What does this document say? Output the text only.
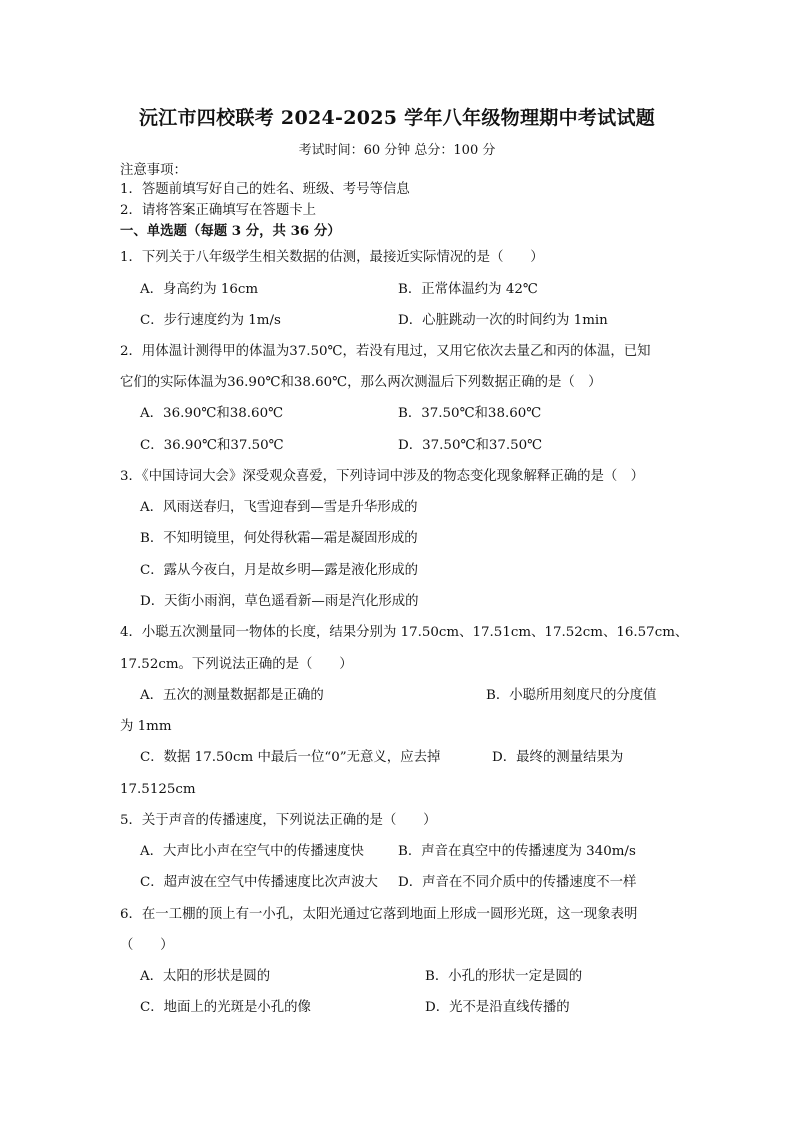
沅江市四校联考 2024-2025 学年八年级物理期中考试试题
考试时间：60 分钟 总分：100 分
注意事项：
1．答题前填写好自己的姓名、班级、考号等信息
2．请将答案正确填写在答题卡上
一、单选题（每题 3 分，共 36 分）
1．下列关于八年级学生相关数据的估测，最接近实际情况的是（　　）
A．身高约为 16cm	B．正常体温约为 42℃
C．步行速度约为 1m/s	D．心脏跳动一次的时间约为 1min
2．用体温计测得甲的体温为37.50℃，若没有甩过，又用它依次去量乙和丙的体温，已知
它们的实际体温为36.90℃和38.60℃，那么两次测温后下列数据正确的是（　）
A．36.90℃和38.60℃	B．37.50℃和38.60℃
C．36.90℃和37.50℃	D．37.50℃和37.50℃
3．《中国诗词大会》深受观众喜爱，下列诗词中涉及的物态变化现象解释正确的是（　）
A．风雨送春归，飞雪迎春到—雪是升华形成的
B．不知明镜里，何处得秋霜—霜是凝固形成的
C．露从今夜白，月是故乡明—露是液化形成的
D．天街小雨润，草色遥看新—雨是汽化形成的
4．小聪五次测量同一物体的长度，结果分别为 17.50cm、17.51cm、17.52cm、16.57cm、
17.52cm。下列说法正确的是（　　）
A．五次的测量数据都是正确的	B．小聪所用刻度尺的分度值
为 1mm
C．数据 17.50cm 中最后一位“0”无意义，应去掉	D．最终的测量结果为
17.5125cm
5．关于声音的传播速度，下列说法正确的是（　　）
A．大声比小声在空气中的传播速度快	B．声音在真空中的传播速度为 340m/s
C．超声波在空气中传播速度比次声波大 D．声音在不同介质中的传播速度不一样
6．在一工棚的顶上有一小孔，太阳光通过它落到地面上形成一圆形光斑，这一现象表明
（　　）
A．太阳的形状是圆的	B．小孔的形状一定是圆的
C．地面上的光斑是小孔的像	D．光不是沿直线传播的
